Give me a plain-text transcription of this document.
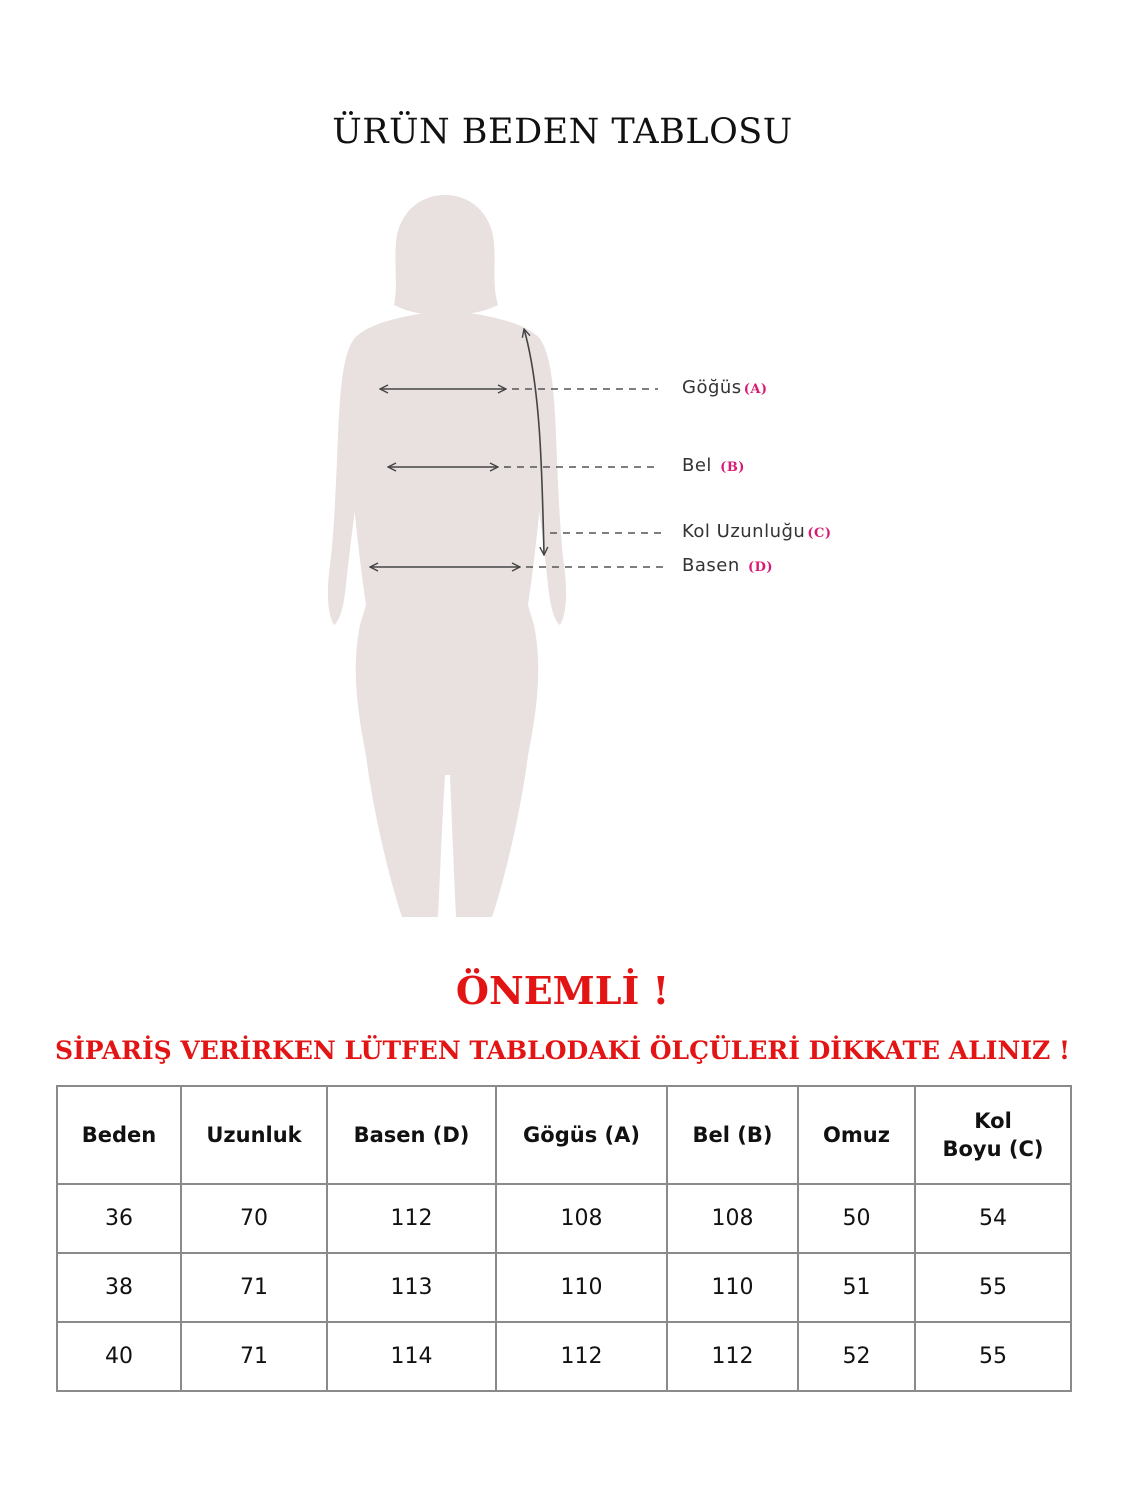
ÜRÜN BEDEN TABLOSU
Göğüs (A)
Bel (B)
Kol Uzunluğu (C)
Basen (D)
ÖNEMLİ !
SİPARİŞ VERİRKEN LÜTFEN TABLODAKİ ÖLÇÜLERİ DİKKATE ALINIZ !
Beden	Uzunluk	Basen (D)	Gögüs (A)	Bel (B)	Omuz	Kol
Boyu (C)
36	70	112	108	108	50	54
38	71	113	110	110	51	55
40	71	114	112	112	52	55
